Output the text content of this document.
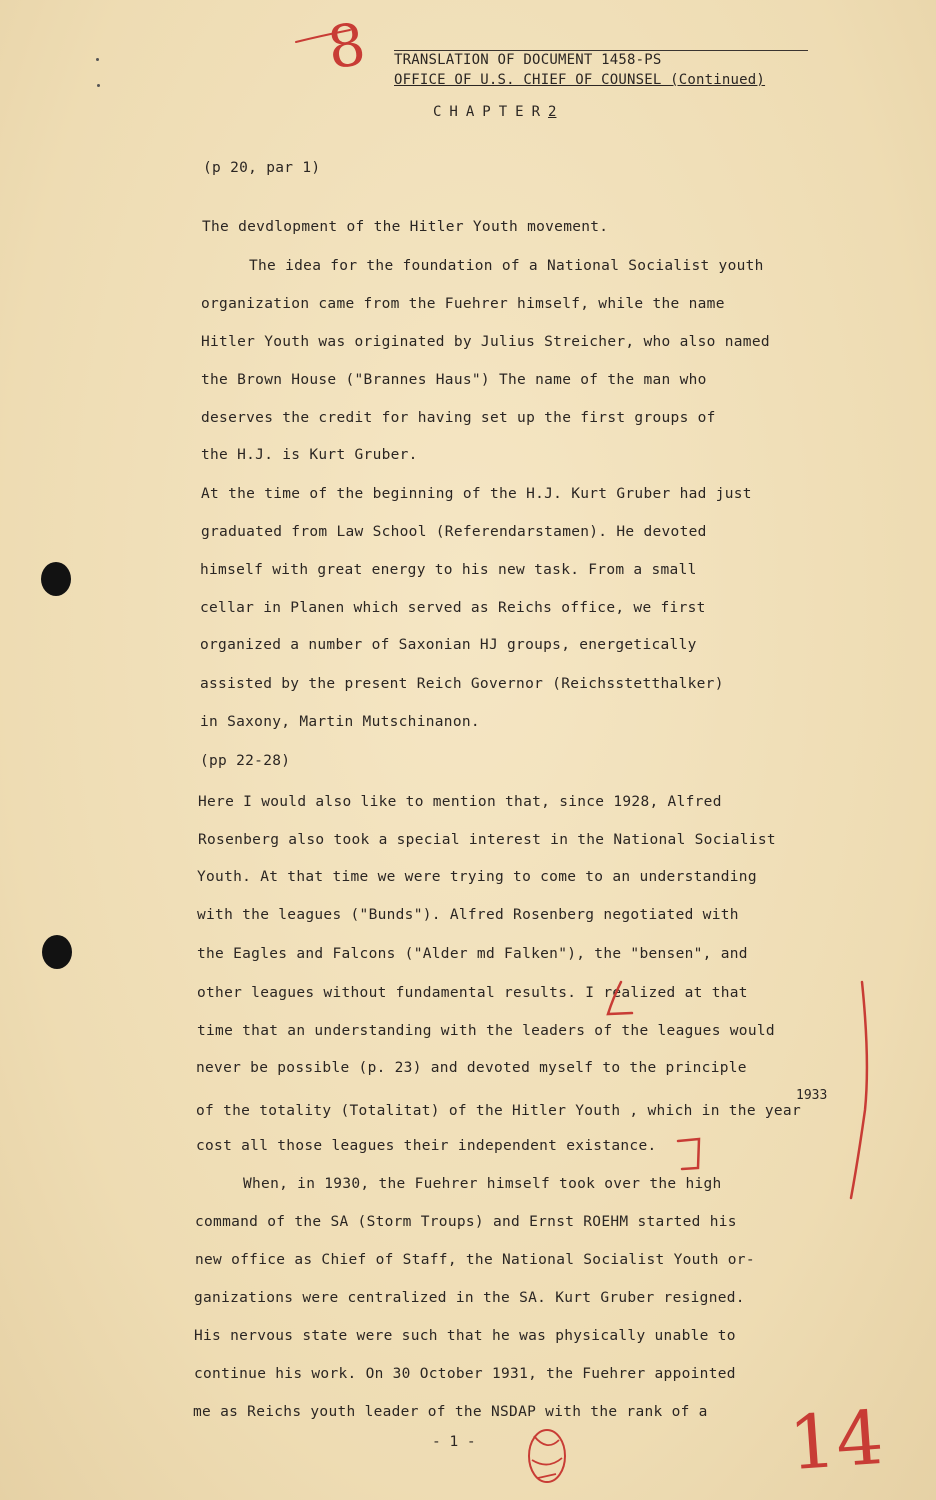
TRANSLATION OF DOCUMENT 1458-PS
OFFICE OF U.S. CHIEF OF COUNSEL (Continued)
CHAPTER2
(p 20, par 1)
The devdlopment of the Hitler Youth movement.
The idea for the foundation of a National Socialist youth
organization came from the Fuehrer himself, while the name
Hitler Youth was originated by Julius Streicher, who also named
the Brown House ("Brannes Haus") The name of the man who
deserves the credit for having set up the first groups of
the H.J. is Kurt Gruber.
At the time of the beginning of the H.J. Kurt Gruber had just
graduated from Law School (Referendarstamen). He devoted
himself with great energy to his new task. From a small
cellar in Planen which served as Reichs office, we first
organized a number of Saxonian HJ groups, energetically
assisted by the present Reich Governor (Reichsstetthalker)
in Saxony, Martin Mutschinanon.
(pp 22-28)
Here I would also like to mention that, since 1928, Alfred
Rosenberg also took a special interest in the National Socialist
Youth. At that time we were trying to come to an understanding
with the leagues ("Bunds"). Alfred Rosenberg negotiated with
the Eagles and Falcons ("Alder md Falken"), the "bensen", and
other leagues without fundamental results. I realized at that
time that an understanding with the leaders of the leagues would
never be possible (p. 23) and devoted myself to the principle
1933
of the totality (Totalitat) of the Hitler Youth , which in the year
cost all those leagues their independent existance.
When, in 1930, the Fuehrer himself took over the high
command of the SA (Storm Troups) and Ernst ROEHM started his
new office as Chief of Staff, the National Socialist Youth or-
ganizations were centralized in the SA. Kurt Gruber resigned.
His nervous state were such that he was physically unable to
continue his work. On 30 October 1931, the Fuehrer appointed
me as Reichs youth leader of the NSDAP with the rank of a
- 1 -
8
14
